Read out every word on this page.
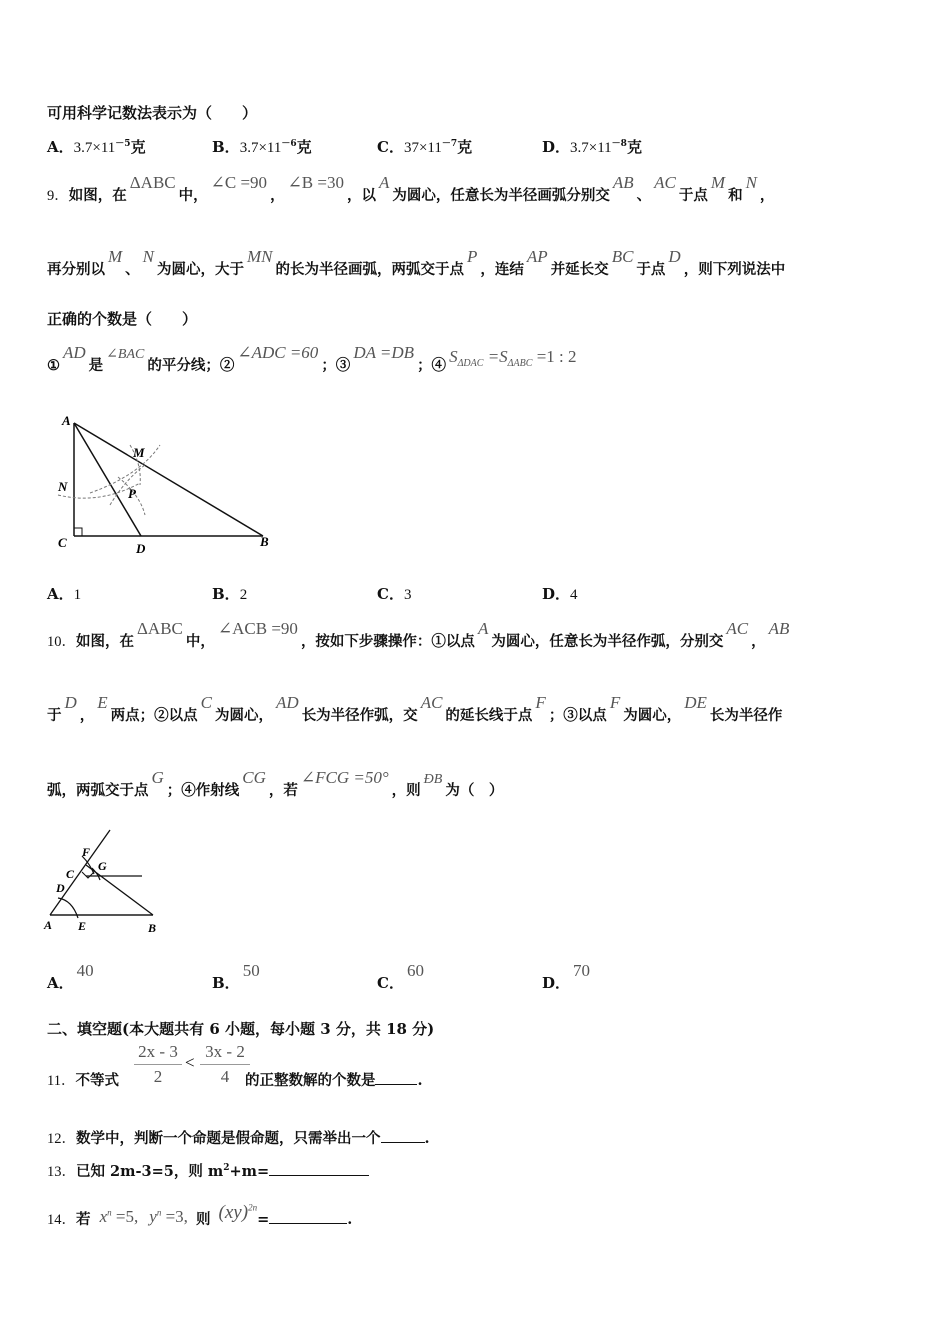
可用科学记数法表示为（　　）
A．$3.7\times 11^{-5}$克	B．$3.7\times 11^{-6}$克	C．$37\times 11^{-7}$克	D．$3.7\times 11^{-8}$克
9．如图，在ΔABC中，∠C =90，∠B =30，以A为圆心，任意长为半径画弧分别交AB、AC于点M和N，
再分别以M、N为圆心，大于MN的长为半径画弧，两弧交于点P，连结AP并延长交BC于点D，则下列说法中
正确的个数是（　　）
①AD是∠BAC的平分线；②∠ADC =60；③DA =DB；④ $S_{\Delta DAC} =S_{\Delta ABC} =1$ : 2
A
M
N	P
C	D	B
A．1	B．2	C．3	D．4
10．如图，在ΔABC中，∠ACB =90，按如下步骤操作：①以点A为圆心，任意长为半径作弧，分别交AC，AB
于D，E两点；②以点C为圆心，AD长为半径作弧，交AC的延长线于点F；③以点F为圆心，DE长为半径作
弧，两弧交于点G；④作射线CG，若∠FCG =50°，则ÐB为（　）
F
G
C
D
A E	B
A．40
B．50
C．60
D．70
二、填空题(本大题共有 6 小题，每小题 3 分，共 18 分)
11．不等式	的正整数解的个数是	.
$\frac{2x - 3}{2} < \frac{3x - 2}{4}$
12．数学中，判断一个命题是假命题，只需举出一个	.
13．已知 2m-3=5，则 $m^2+m=$
14．若 $x^n =5$, $y^n =3$, 则 (xy)$^{2n}$=	.
